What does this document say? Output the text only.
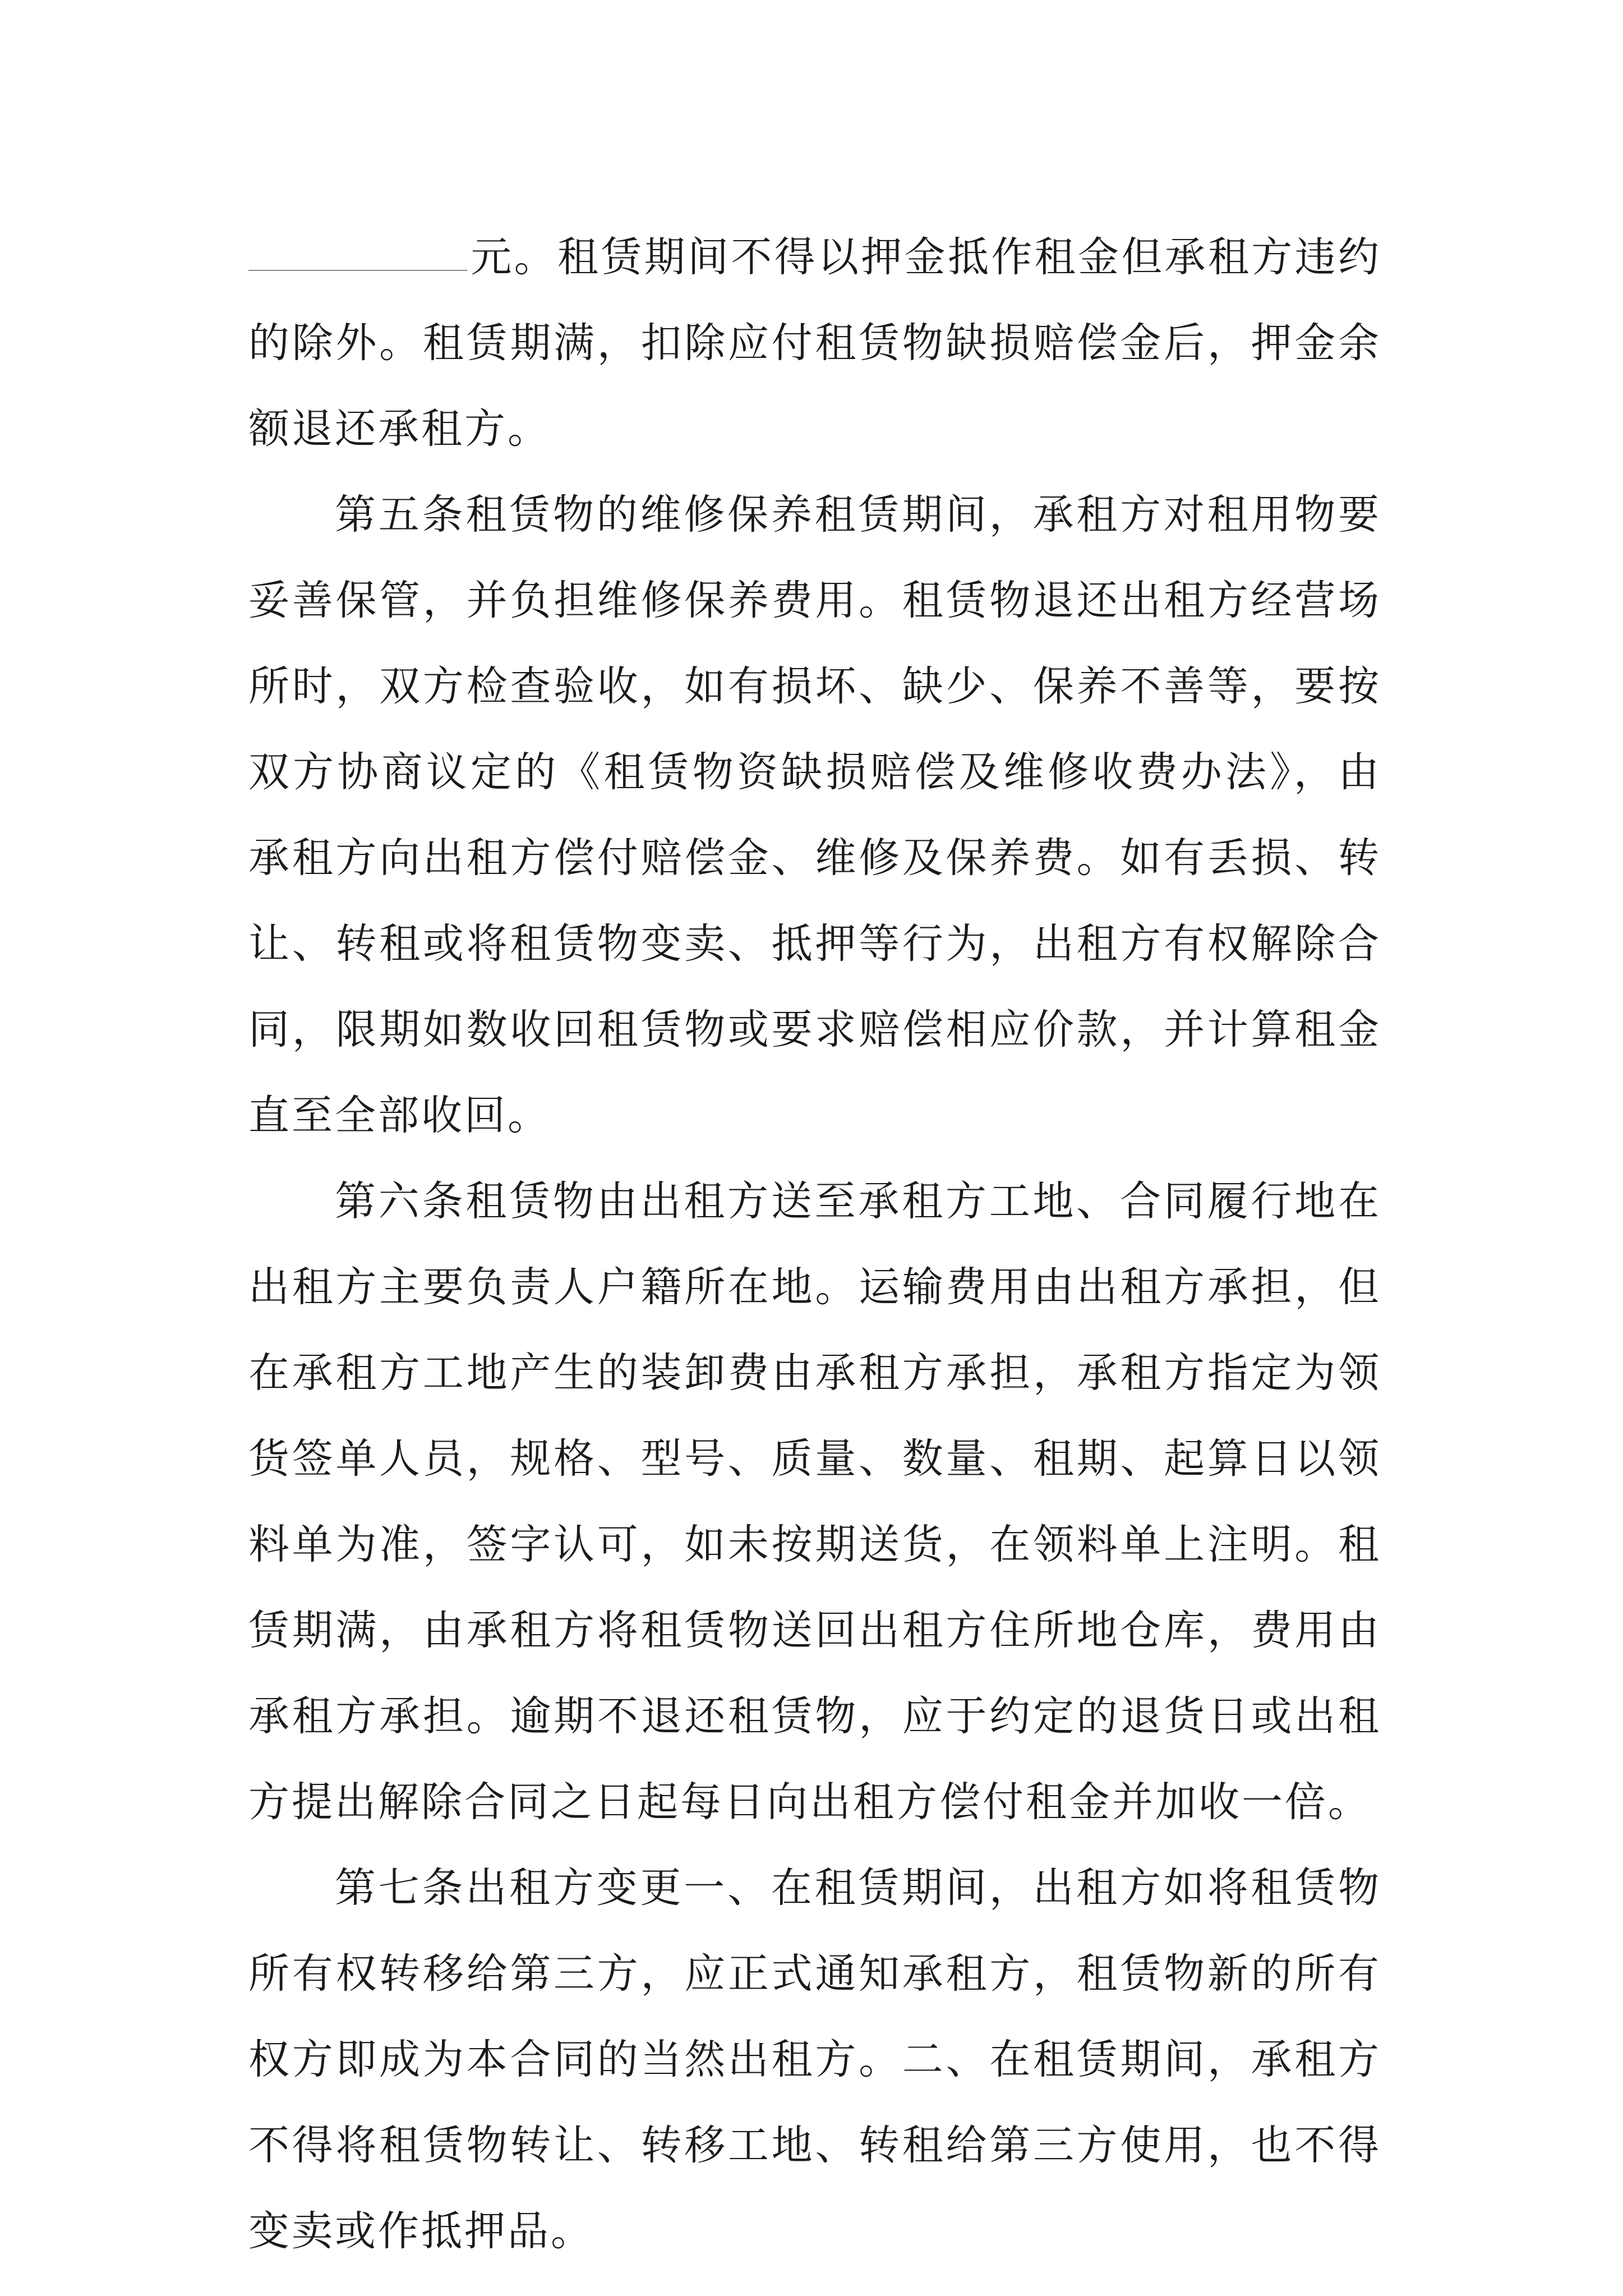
元。租赁期间不得以押金抵作租金但承租方违约
的除外。租赁期满，扣除应付租赁物缺损赔偿金后，押金余
额退还承租方。
第五条租赁物的维修保养租赁期间，承租方对租用物要
妥善保管，并负担维修保养费用。租赁物退还出租方经营场
所时，双方检查验收，如有损坏、缺少、保养不善等，要按
双方协商议定的《租赁物资缺损赔偿及维修收费办法》，由
承租方向出租方偿付赔偿金、维修及保养费。如有丢损、转
让、转租或将租赁物变卖、抵押等行为，出租方有权解除合
同，限期如数收回租赁物或要求赔偿相应价款，并计算租金
直至全部收回。
第六条租赁物由出租方送至承租方工地、合同履行地在
出租方主要负责人户籍所在地。运输费用由出租方承担，但
在承租方工地产生的装卸费由承租方承担，承租方指定为领
货签单人员，规格、型号、质量、数量、租期、起算日以领
料单为准，签字认可，如未按期送货，在领料单上注明。租
赁期满，由承租方将租赁物送回出租方住所地仓库，费用由
承租方承担。逾期不退还租赁物，应于约定的退货日或出租
方提出解除合同之日起每日向出租方偿付租金并加收一倍。
第七条出租方变更一、在租赁期间，出租方如将租赁物
所有权转移给第三方，应正式通知承租方，租赁物新的所有
权方即成为本合同的当然出租方。二、在租赁期间，承租方
不得将租赁物转让、转移工地、转租给第三方使用，也不得
变卖或作抵押品。
